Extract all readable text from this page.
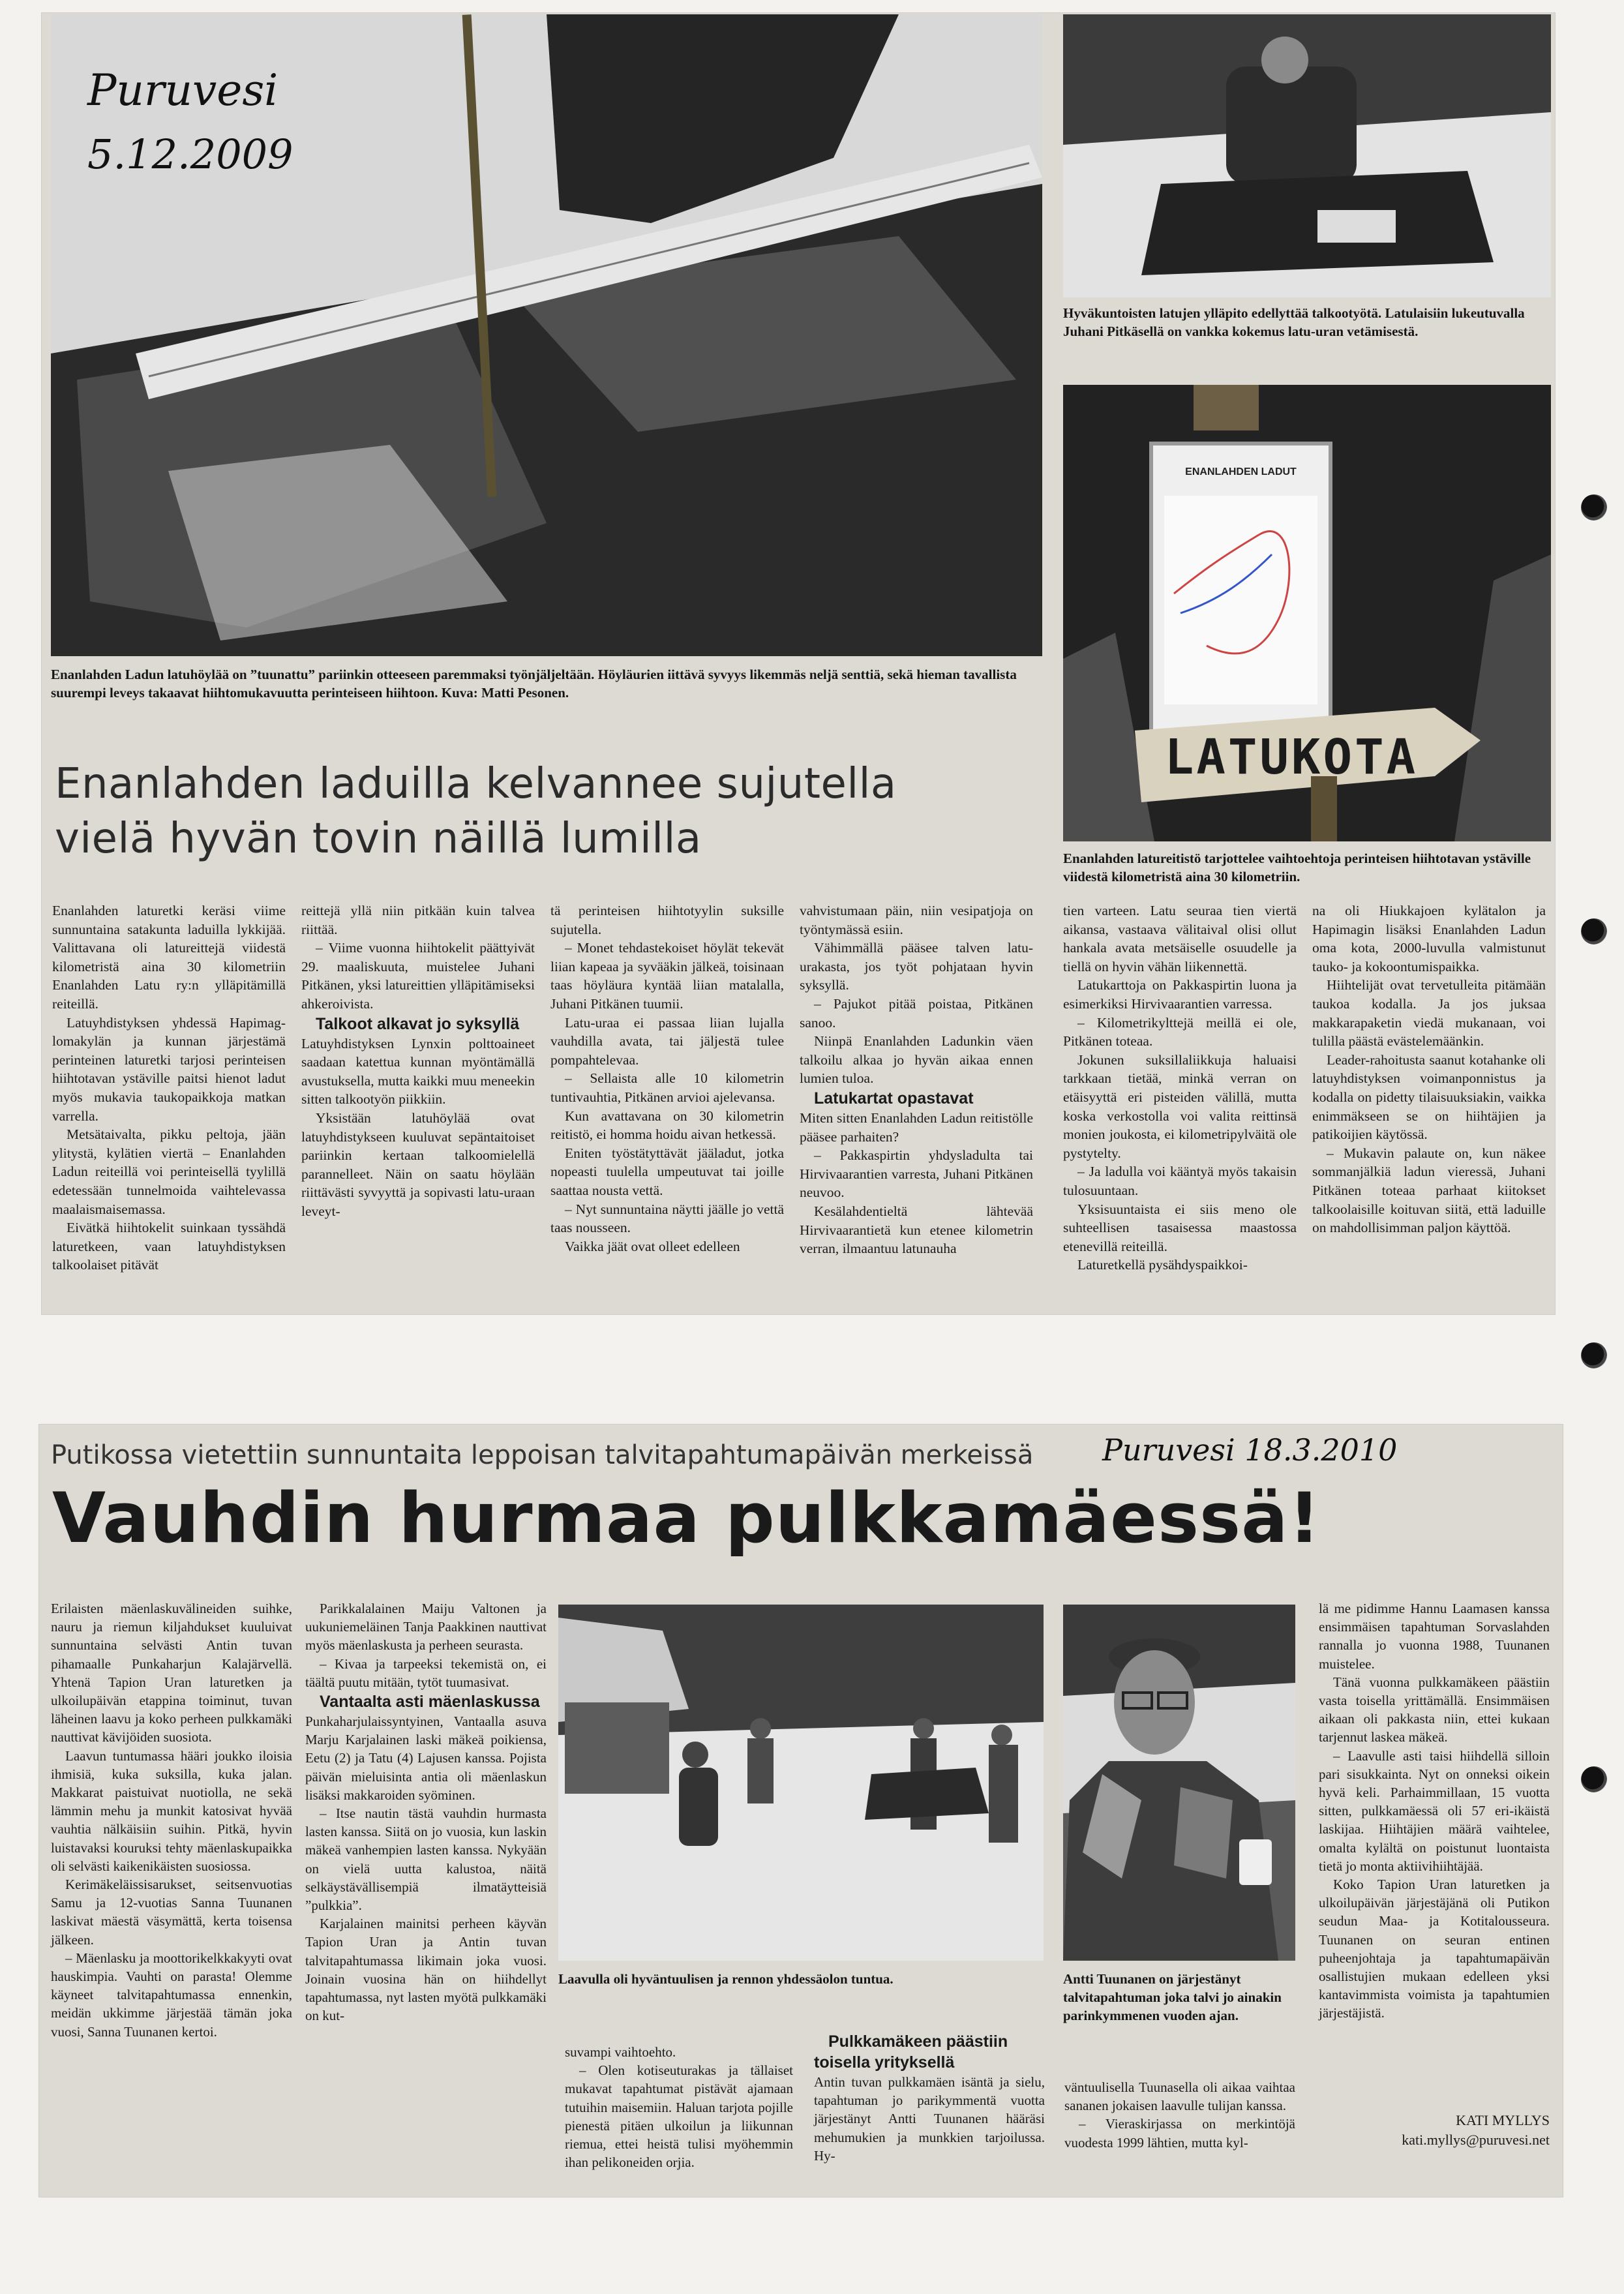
Puruvesi
5.12.2009
Enanlahden Ladun latuhöylää on ”tuunattu” pariinkin otteeseen paremmaksi työnjäljeltään. Höyläurien iittävä syvyys likemmäs neljä senttiä, sekä hieman tavallista suurempi leveys takaavat hiihtomukavuutta perinteiseen hiihtoon. Kuva: Matti Pesonen.
Hyväkuntoisten latujen ylläpito edellyttää talkootyötä. Latulaisiin lukeutuvalla Juhani Pitkäsellä on vankka kokemus latu-uran vetämisestä.
ENANLAHDEN LADUT
LATUKOTA
Enanlahden latureitistö tarjottelee vaihtoehtoja perinteisen hiihtotavan ystäville viidestä kilometristä aina 30 kilometriin.
Enanlahden laduilla kelvannee sujutella
vielä hyvän tovin näillä lumilla

Enanlahden laturetki keräsi viime sunnuntaina satakunta laduilla lykkijää. Valittavana oli latureittejä viidestä kilometristä aina 30 kilometriin Enanlahden Latu ry:n ylläpitämillä reiteillä.

Latuyhdistyksen yhdessä Hapimag-lomakylän ja kunnan järjestämä perinteinen laturetki tarjosi perinteisen hiihtotavan ystäville paitsi hienot ladut myös mukavia taukopaikkoja matkan varrella.

Metsätaivalta, pikku peltoja, jään ylitystä, kylätien viertä – Enanlahden Ladun reiteillä voi perinteisellä tyylillä edetessään tunnelmoida vaihtelevassa maalaismaisemassa.

Eivätkä hiihtokelit suinkaan tyssähdä laturetkeen, vaan latuyhdistyksen talkoolaiset pitävät

reittejä yllä niin pitkään kuin talvea riittää.

– Viime vuonna hiihtokelit päättyivät 29. maaliskuuta, muistelee Juhani Pitkänen, yksi latureittien ylläpitämiseksi ahkeroivista.

Talkoot alkavat jo syksyllä

Latuyhdistyksen Lynxin polttoaineet saadaan katettua kunnan myöntämällä avustuksella, mutta kaikki muu meneekin sitten talkootyön piikkiin.

Yksistään latuhöylää ovat latuyhdistykseen kuuluvat sepäntaitoiset pariinkin kertaan talkoomielellä parannelleet. Näin on saatu höylään riittävästi syvyyttä ja sopivasti latu-uraan leveyt-

tä perinteisen hiihtotyylin suksille sujutella.

– Monet tehdastekoiset höylät tekevät liian kapeaa ja syvääkin jälkeä, toisinaan taas höyläura kyntää liian matalalla, Juhani Pitkänen tuumii.

Latu-uraa ei passaa liian lujalla vauhdilla avata, tai jäljestä tulee pompahtelevaa.

– Sellaista alle 10 kilometrin tuntivauhtia, Pitkänen arvioi ajelevansa.

Kun avattavana on 30 kilometrin reitistö, ei homma hoidu aivan hetkessä.

Eniten työstätyttävät jääladut, jotka nopeasti tuulella umpeutuvat tai joille saattaa nousta vettä.

– Nyt sunnuntaina näytti jäälle jo vettä taas nousseen.

Vaikka jäät ovat olleet edelleen

vahvistumaan päin, niin vesipatjoja on työntymässä esiin.

Vähimmällä pääsee talven latu-urakasta, jos työt pohjataan hyvin syksyllä.

– Pajukot pitää poistaa, Pitkänen sanoo.

Niinpä Enanlahden Ladunkin väen talkoilu alkaa jo hyvän aikaa ennen lumien tuloa.

Latukartat opastavat

Miten sitten Enanlahden Ladun reitistölle pääsee parhaiten?

– Pakkaspirtin yhdysladulta tai Hirvivaarantien varresta, Juhani Pitkänen neuvoo.

Kesälahdentieltä lähtevää Hirvivaarantietä kun etenee kilometrin verran, ilmaantuu latunauha

tien varteen. Latu seuraa tien viertä aikansa, vastaava välitaival olisi ollut hankala avata metsäiselle osuudelle ja tiellä on hyvin vähän liikennettä.

Latukarttoja on Pakkaspirtin luona ja esimerkiksi Hirvivaarantien varressa.

– Kilometrikylttejä meillä ei ole, Pitkänen toteaa.

Jokunen suksillaliikkuja haluaisi tarkkaan tietää, minkä verran on etäisyyttä eri pisteiden välillä, mutta koska verkostolla voi valita reittinsä monien joukosta, ei kilometripylväitä ole pystytelty.

– Ja ladulla voi kääntyä myös takaisin tulosuuntaan.

Yksisuuntaista ei siis meno ole suhteellisen tasaisessa maastossa etenevillä reiteillä.

Laturetkellä pysähdyspaikkoi-

na oli Hiukkajoen kylätalon ja Hapimagin lisäksi Enanlahden Ladun oma kota, 2000-luvulla valmistunut tauko- ja kokoontumispaikka.

Hiihtelijät ovat tervetulleita pitämään taukoa kodalla. Ja jos juksaa makkarapaketin viedä mukanaan, voi tulilla päästä evästelemäänkin.

Leader-rahoitusta saanut kotahanke oli latuyhdistyksen voimanponnistus ja kodalla on pidetty tilaisuuksiakin, vaikka enimmäkseen se on hiihtäjien ja patikoijien käytössä.

– Mukavin palaute on, kun näkee sommanjälkiä ladun vieressä, Juhani Pitkänen toteaa parhaat kiitokset talkoolaisille koituvan siitä, että laduille on mahdollisimman paljon käyttöä.

Putikossa vietettiin sunnuntaita leppoisan talvitapahtumapäivän merkeissä	Puruvesi 18.3.2010
Vauhdin hurmaa pulkkamäessä!

Erilaisten mäenlaskuvälineiden suihke, nauru ja riemun kiljahdukset kuuluivat sunnuntaina selvästi Antin tuvan pihamaalle Punkaharjun Kalajärvellä. Yhtenä Tapion Uran laturetken ja ulkoilupäivän etappina toiminut, tuvan läheinen laavu ja koko perheen pulkkamäki nauttivat kävijöiden suosiota.

Laavun tuntumassa hääri joukko iloisia ihmisiä, kuka suksilla, kuka jalan. Makkarat paistuivat nuotiolla, ne sekä lämmin mehu ja munkit katosivat hyvää vauhtia nälkäisiin suihin. Pitkä, hyvin luistavaksi kouruksi tehty mäenlaskupaikka oli selvästi kaikenikäisten suosiossa.

Kerimäkeläissisarukset, seitsenvuotias Samu ja 12-vuotias Sanna Tuunanen laskivat mäestä väsymättä, kerta toisensa jälkeen.

– Mäenlasku ja moottorikelkkakyyti ovat hauskimpia. Vauhti on parasta! Olemme käyneet talvitapahtumassa ennenkin, meidän ukkimme järjestää tämän joka vuosi, Sanna Tuunanen kertoi.

Parikkalalainen Maiju Valtonen ja uukuniemeläinen Tanja Paakkinen nauttivat myös mäenlaskusta ja perheen seurasta.

– Kivaa ja tarpeeksi tekemistä on, ei täältä puutu mitään, tytöt tuumasivat.

Vantaalta asti mäenlaskussa

Punkaharjulaissyntyinen, Vantaalla asuva Marju Karjalainen laski mäkeä poikiensa, Eetu (2) ja Tatu (4) Lajusen kanssa. Pojista päivän mieluisinta antia oli mäenlaskun lisäksi makkaroiden syöminen.

– Itse nautin tästä vauhdin hurmasta lasten kanssa. Siitä on jo vuosia, kun laskin mäkeä vanhempien lasten kanssa. Nykyään on vielä uutta kalustoa, näitä selkäystävällisempiä ilmatäytteisiä ”pulkkia”.

Karjalainen mainitsi perheen käyvän Tapion Uran ja Antin tuvan talvitapahtumassa likimain joka vuosi. Joinain vuosina hän on hiihdellyt tapahtumassa, nyt lasten myötä pulkkamäki on kut-

Laavulla oli hyväntuulisen ja rennon yhdessäolon tuntua.	Antti Tuunanen on järjestänyt talvitapahtuman joka talvi jo ainakin parinkymmenen vuoden ajan.

suvampi vaihtoehto.

– Olen kotiseuturakas ja tällaiset mukavat tapahtumat pistävät ajamaan tutuihin maisemiin. Haluan tarjota pojille pienestä pitäen ulkoilun ja liikunnan riemua, ettei heistä tulisi myöhemmin ihan pelikoneiden orjia.

Pulkkamäkeen päästiin toisella yrityksellä

Antin tuvan pulkkamäen isäntä ja sielu, tapahtuman jo parikymmentä vuotta järjestänyt Antti Tuunanen hääräsi mehumukien ja munkkien tarjoilussa. Hy-

väntuulisella Tuunasella oli aikaa vaihtaa sananen jokaisen laavulle tulijan kanssa.

– Vieraskirjassa on merkintöjä vuodesta 1999 lähtien, mutta kyl-

lä me pidimme Hannu Laamasen kanssa ensimmäisen tapahtuman Sorvaslahden rannalla jo vuonna 1988, Tuunanen muistelee.

Tänä vuonna pulkkamäkeen päästiin vasta toisella yrittämällä. Ensimmäisen aikaan oli pakkasta niin, ettei kukaan tarjennut laskea mäkeä.

– Laavulle asti taisi hiihdellä silloin pari sisukkainta. Nyt on onneksi oikein hyvä keli. Parhaimmillaan, 15 vuotta sitten, pulkkamäessä oli 57 eri-ikäistä laskijaa. Hiihtäjien määrä vaihtelee, omalta kylältä on poistunut luontaista tietä jo monta aktiivihiihtäjää.

Koko Tapion Uran laturetken ja ulkoilupäivän järjestäjänä oli Putikon seudun Maa- ja Kotitalousseura. Tuunanen on seuran entinen puheenjohtaja ja tapahtumapäivän osallistujien mukaan edelleen yksi kantavimmista voimista ja tapahtumien järjestäjistä.

KATI MYLLYS
kati.myllys@puruvesi.net
